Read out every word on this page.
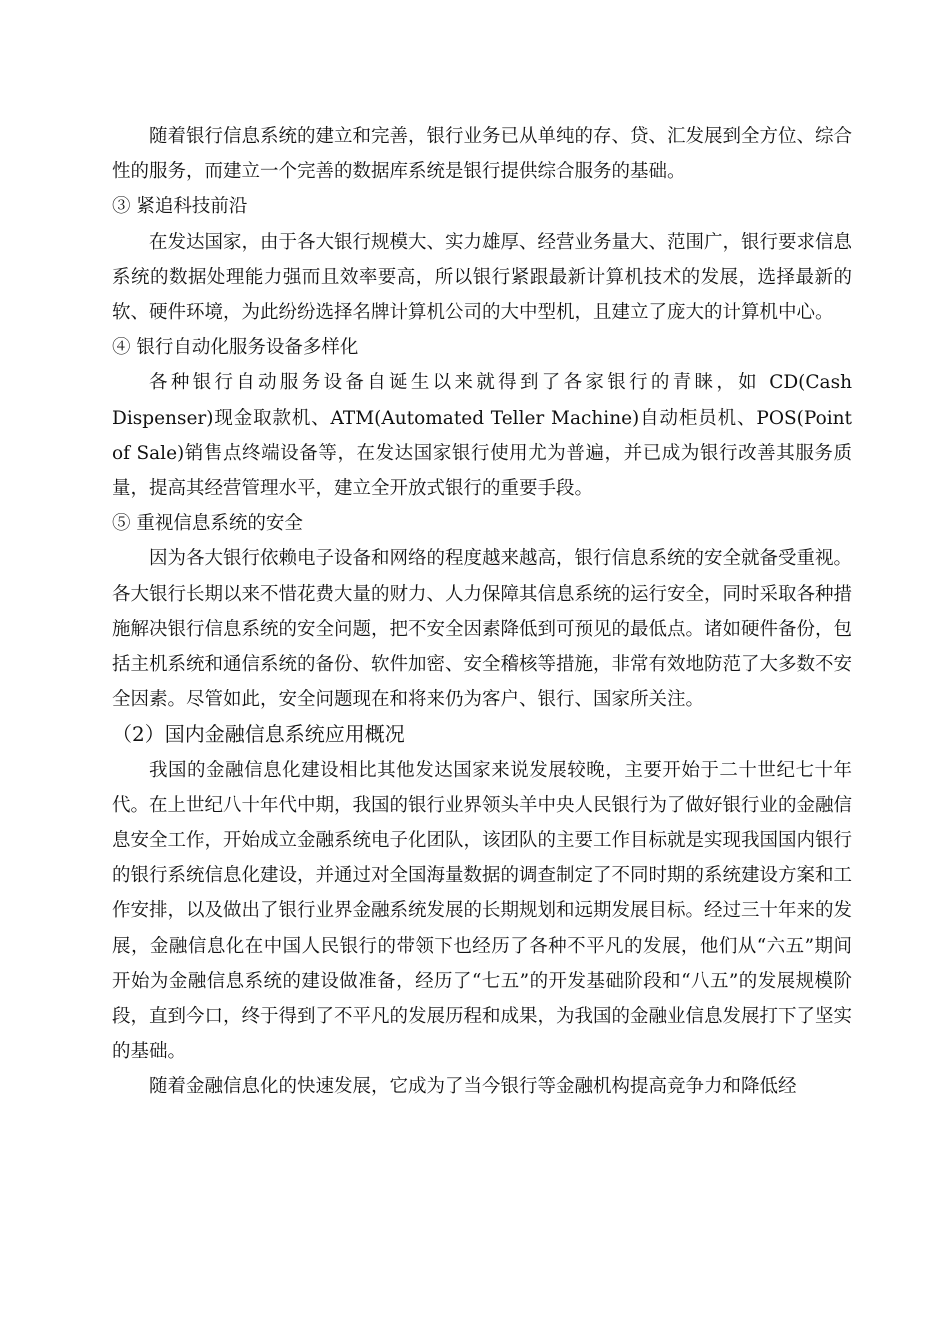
随着银行信息系统的建立和完善，银行业务已从单纯的存、贷、汇发展到全方位、综合性的服务，而建立一个完善的数据库系统是银行提供综合服务的基础。

③ 紧追科技前沿

在发达国家，由于各大银行规模大、实力雄厚、经营业务量大、范围广，银行要求信息系统的数据处理能力强而且效率要高，所以银行紧跟最新计算机技术的发展，选择最新的软、硬件环境，为此纷纷选择名牌计算机公司的大中型机，且建立了庞大的计算机中心。

④ 银行自动化服务设备多样化

各种银行自动服务设备自诞生以来就得到了各家银行的青睐，如 CD(Cash Dispenser)现金取款机、ATM(Automated Teller Machine)自动柜员机、POS(Point of Sale)销售点终端设备等，在发达国家银行使用尤为普遍，并已成为银行改善其服务质量，提高其经营管理水平，建立全开放式银行的重要手段。

⑤ 重视信息系统的安全

因为各大银行依赖电子设备和网络的程度越来越高，银行信息系统的安全就备受重视。各大银行长期以来不惜花费大量的财力、人力保障其信息系统的运行安全，同时采取各种措施解决银行信息系统的安全问题，把不安全因素降低到可预见的最低点。诸如硬件备份，包括主机系统和通信系统的备份、软件加密、安全稽核等措施，非常有效地防范了大多数不安全因素。尽管如此，安全问题现在和将来仍为客户、银行、国家所关注。

（2）国内金融信息系统应用概况

我国的金融信息化建设相比其他发达国家来说发展较晚，主要开始于二十世纪七十年代。在上世纪八十年代中期，我国的银行业界领头羊中央人民银行为了做好银行业的金融信息安全工作，开始成立金融系统电子化团队，该团队的主要工作目标就是实现我国国内银行的银行系统信息化建设，并通过对全国海量数据的调查制定了不同时期的系统建设方案和工作安排，以及做出了银行业界金融系统发展的长期规划和远期发展目标。经过三十年来的发展，金融信息化在中国人民银行的带领下也经历了各种不平凡的发展，他们从“六五”期间开始为金融信息系统的建设做准备，经历了“七五”的开发基础阶段和“八五”的发展规模阶段，直到今口，终于得到了不平凡的发展历程和成果，为我国的金融业信息发展打下了坚实的基础。

随着金融信息化的快速发展，它成为了当今银行等金融机构提高竞争力和降低经
